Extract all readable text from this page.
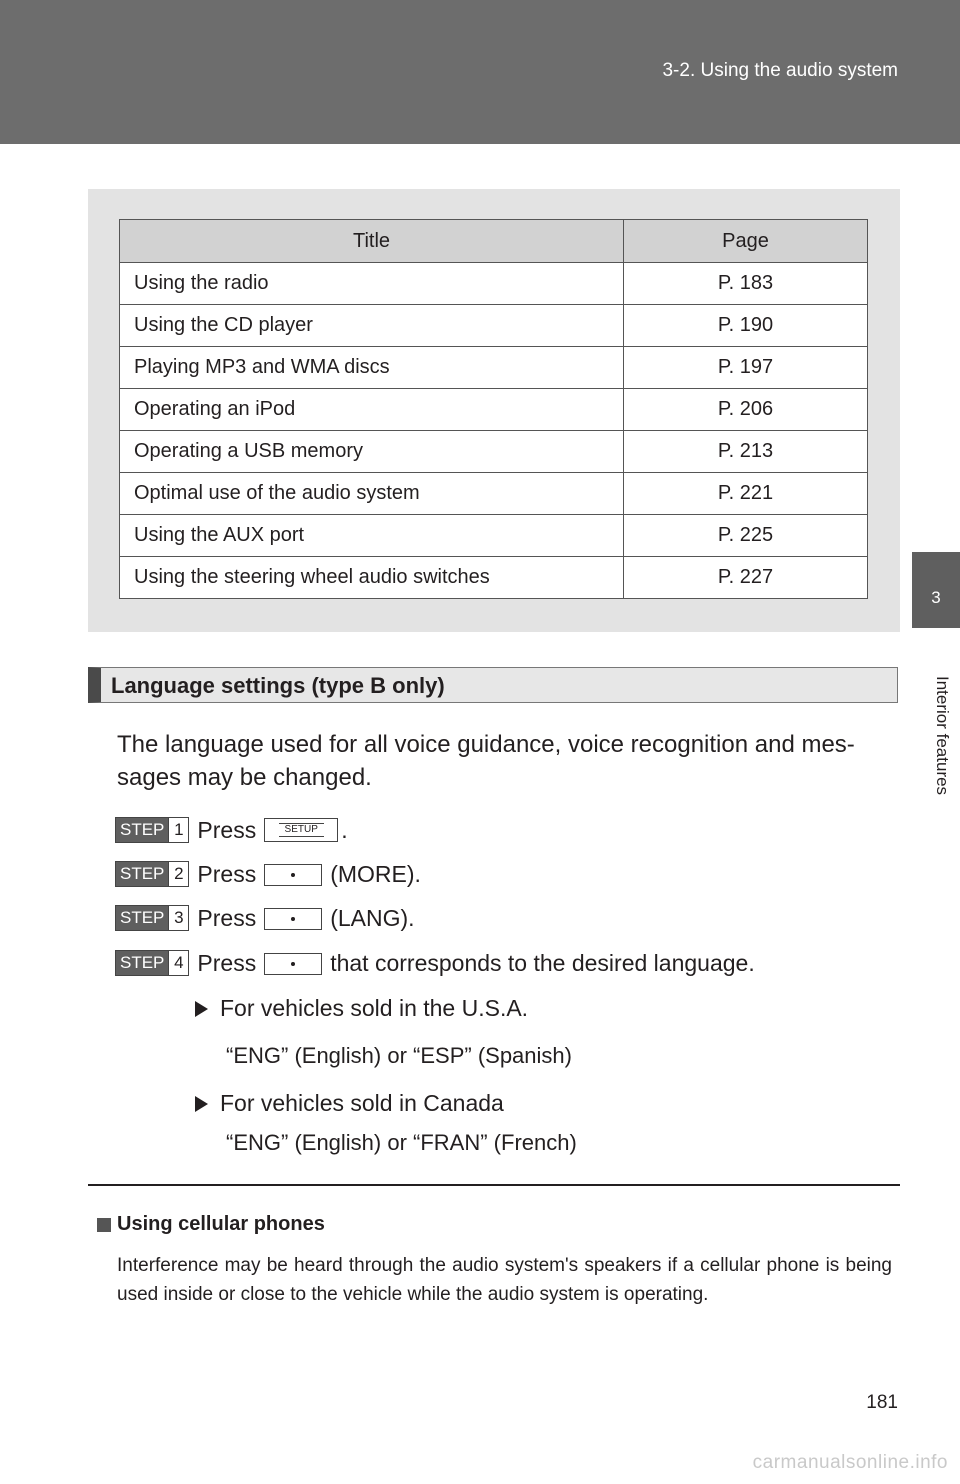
3-2. Using the audio system
3
Interior features
Title	Page
Using the radio	P. 183
Using the CD player	P. 190
Playing MP3 and WMA discs	P. 197
Operating an iPod	P. 206
Operating a USB memory	P. 213
Optimal use of the audio system	P. 221
Using the AUX port	P. 225
Using the steering wheel audio switches	P. 227
Language settings (type B only)
The language used for all voice guidance, voice recognition and mes- sages may be changed.
STEP 1 Press	SETUP .
STEP 2 Press	(MORE).
STEP 3 Press	(LANG).
STEP 4 Press	that corresponds to the desired language.
For vehicles sold in the U.S.A.
“ENG” (English) or “ESP” (Spanish)
For vehicles sold in Canada
“ENG” (English) or “FRAN” (French)
Using cellular phones
Interference may be heard through the audio system's speakers if a cellular phone is being used inside or close to the vehicle while the audio system is operating.
181
carmanualsonline.info
